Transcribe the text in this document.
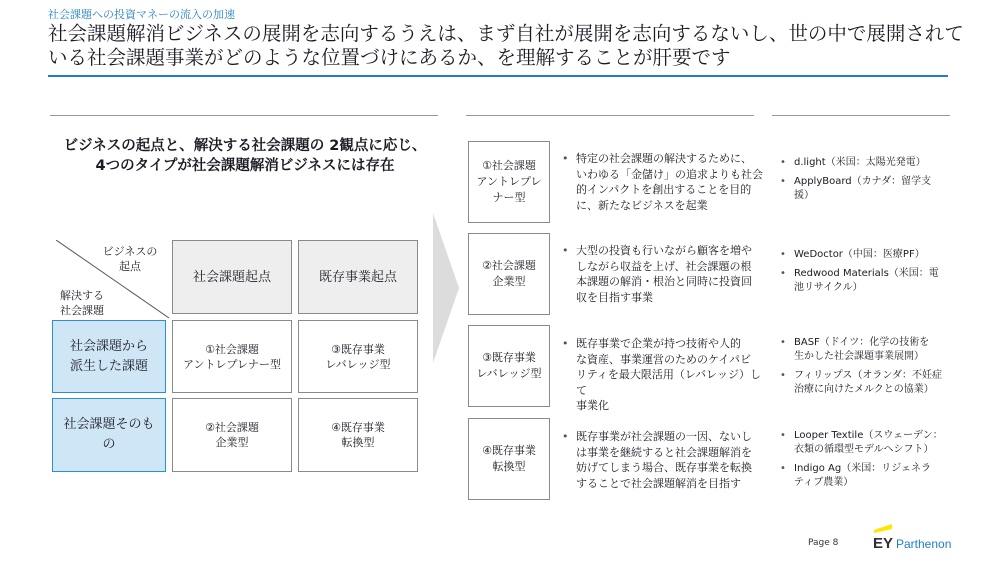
社会課題への投資マネーの流入の加速
社会課題解消ビジネスの展開を志向するうえは、まず自社が展開を志向するないし、世の中で展開されている社会課題事業がどのような位置づけにあるか、を理解することが肝要です
ビジネスの起点と、解決する社会課題の 2観点に応じ、
4つのタイプが社会課題解消ビジネスには存在
ビジネスの
起点
解決する
社会課題
社会課題起点	既存事業起点
社会課題から
派生した課題
社会課題そのも
の
①社会課題
アントレプレナー型
③既存事業
レバレッジ型
②社会課題
企業型
④既存事業
転換型
①社会課題
アントレプレ
ナー型
②社会課題
企業型
③既存事業
レバレッジ型
④既存事業
転換型
• 特定の社会課題の解決するために、
いわゆる「金儲け」の追求よりも社会
的インパクトを創出することを目的
に、新たなビジネスを起業
• 大型の投資も行いながら顧客を増や
しながら収益を上げ、社会課題の根
本課題の解消・根治と同時に投資回
収を目指す事業
• 既存事業で企業が持つ技術や人的
な資産、事業運営のためのケイパビ
リティを最大限活用（レバレッジ）して
事業化
• 既存事業が社会課題の一因、ないし
は事業を継続すると社会課題解消を
妨げてしまう場合、既存事業を転換
することで社会課題解消を目指す
• d.light（米国：太陽光発電）
• ApplyBoard（カナダ：留学支
援）
• WeDoctor（中国：医療PF）
• Redwood Materials（米国：電
池リサイクル）
• BASF（ドイツ：化学の技術を
生かした社会課題事業展開）
• フィリップス（オランダ：不妊症
治療に向けたメルクとの協業）
• Looper Textile（スウェーデン：
衣類の循環型モデルへシフト）
• Indigo Ag（米国：リジェネラ
ティブ農業）
Page 8 EY Parthenon
